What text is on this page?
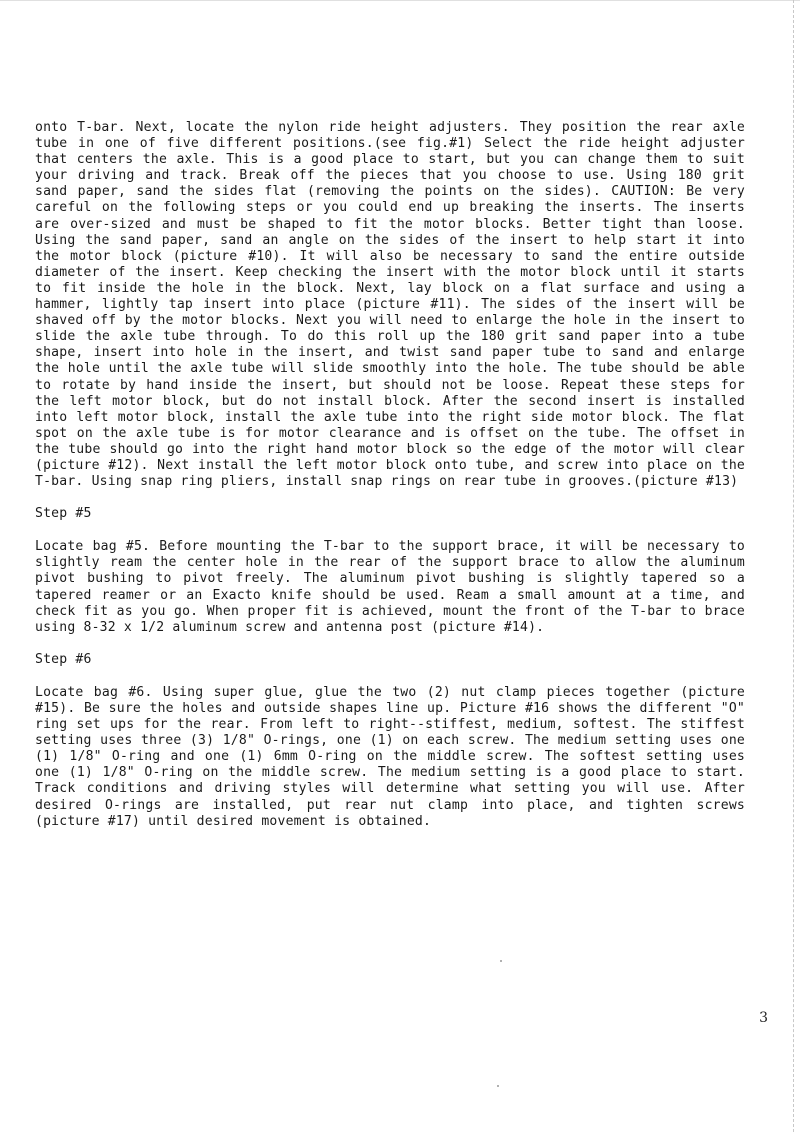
onto T-bar. Next, locate the nylon ride height adjusters. They position the rear axle tube in one of five different positions.(see fig.#1) Select the ride height adjuster that centers the axle. This is a good place to start, but you can change them to suit your driving and track. Break off the pieces that you choose to use. Using 180 grit sand paper, sand the sides flat (removing the points on the sides). CAUTION: Be very careful on the following steps or you could end up breaking the inserts. The inserts are over-sized and must be shaped to fit the motor blocks. Better tight than loose. Using the sand paper, sand an angle on the sides of the insert to help start it into the motor block (picture #10). It will also be necessary to sand the entire outside diameter of the insert. Keep checking the insert with the motor block until it starts to fit inside the hole in the block. Next, lay block on a flat surface and using a hammer, lightly tap insert into place (picture #11). The sides of the insert will be shaved off by the motor blocks. Next you will need to enlarge the hole in the insert to slide the axle tube through. To do this roll up the 180 grit sand paper into a tube shape, insert into hole in the insert, and twist sand paper tube to sand and enlarge the hole until the axle tube will slide smoothly into the hole. The tube should be able to rotate by hand inside the insert, but should not be loose. Repeat these steps for the left motor block, but do not install block. After the second insert is installed into left motor block, install the axle tube into the right side motor block. The flat spot on the axle tube is for motor clearance and is offset on the tube. The offset in the tube should go into the right hand motor block so the edge of the motor will clear (picture #12). Next install the left motor block onto tube, and screw into place on the T-bar. Using snap ring pliers, install snap rings on rear tube in grooves.(picture #13)

Step #5

Locate bag #5. Before mounting the T-bar to the support brace, it will be necessary to slightly ream the center hole in the rear of the support brace to allow the aluminum pivot bushing to pivot freely. The aluminum pivot bushing is slightly tapered so a tapered reamer or an Exacto knife should be used. Ream a small amount at a time, and check fit as you go. When proper fit is achieved, mount the front of the T-bar to brace using 8-32 x 1/2 aluminum screw and antenna post (picture #14).

Step #6

Locate bag #6. Using super glue, glue the two (2) nut clamp pieces together (picture #15). Be sure the holes and outside shapes line up. Picture #16 shows the different "O" ring set ups for the rear. From left to right--stiffest, medium, softest. The stiffest setting uses three (3) 1/8" O-rings, one (1) on each screw. The medium setting uses one (1) 1/8" O-ring and one (1) 6mm O-ring on the middle screw. The softest setting uses one (1) 1/8" O-ring on the middle screw. The medium setting is a good place to start. Track conditions and driving styles will determine what setting you will use. After desired O-rings are installed, put rear nut clamp into place, and tighten screws (picture #17) until desired movement is obtained.

3
